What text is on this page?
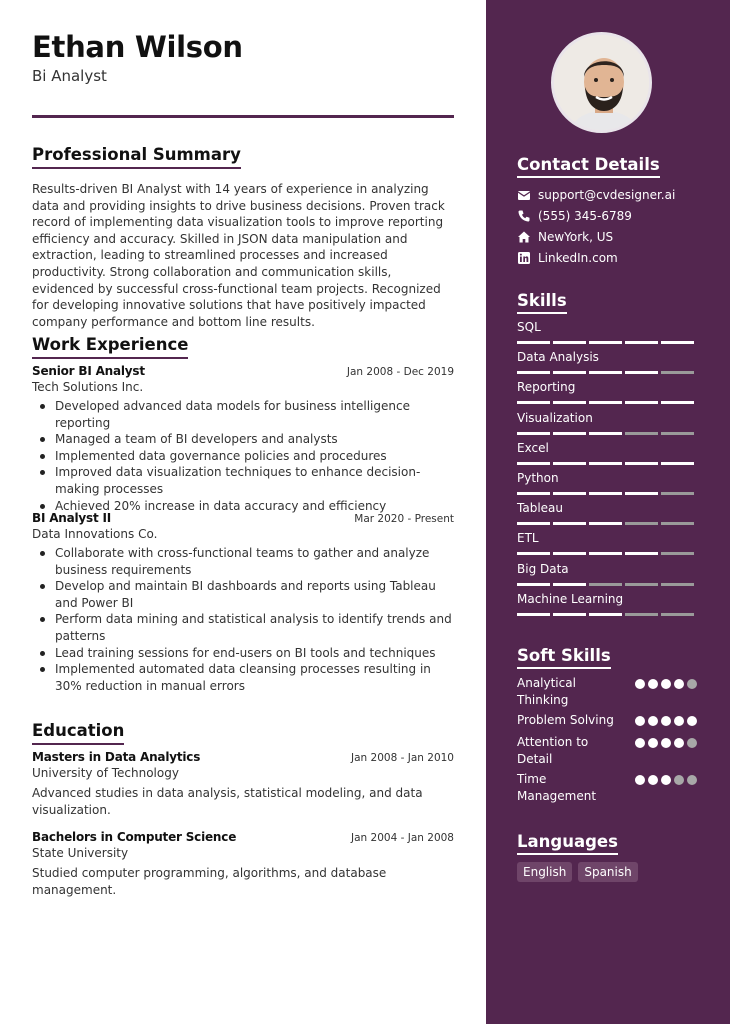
Ethan Wilson
Bi Analyst
Professional Summary
Results-driven BI Analyst with 14 years of experience in analyzing data and providing insights to drive business decisions. Proven track record of implementing data visualization tools to improve reporting efficiency and accuracy. Skilled in JSON data manipulation and extraction, leading to streamlined processes and increased productivity. Strong collaboration and communication skills, evidenced by successful cross-functional team projects. Recognized for developing innovative solutions that have positively impacted company performance and bottom line results.
Work Experience
Senior BI Analyst	Jan 2008 - Dec 2019
Tech Solutions Inc.
Developed advanced data models for business intelligence reporting
Managed a team of BI developers and analysts
Implemented data governance policies and procedures
Improved data visualization techniques to enhance decision-making processes
Achieved 20% increase in data accuracy and efficiency
BI Analyst II	Mar 2020 - Present
Data Innovations Co.
Collaborate with cross-functional teams to gather and analyze business requirements
Develop and maintain BI dashboards and reports using Tableau and Power BI
Perform data mining and statistical analysis to identify trends and patterns
Lead training sessions for end-users on BI tools and techniques
Implemented automated data cleansing processes resulting in 30% reduction in manual errors
Education
Masters in Data Analytics	Jan 2008 - Jan 2010
University of Technology
Advanced studies in data analysis, statistical modeling, and data visualization.
Bachelors in Computer Science	Jan 2004 - Jan 2008
State University
Studied computer programming, algorithms, and database management.
Contact Details
support@cvdesigner.ai
(555) 345-6789
NewYork, US
LinkedIn.com
Skills
SQL
Data Analysis
Reporting
Visualization
Excel
Python
Tableau
ETL
Big Data
Machine Learning
Soft Skills
Analytical Thinking
Problem Solving
Attention to Detail
Time Management
Languages
English	Spanish
